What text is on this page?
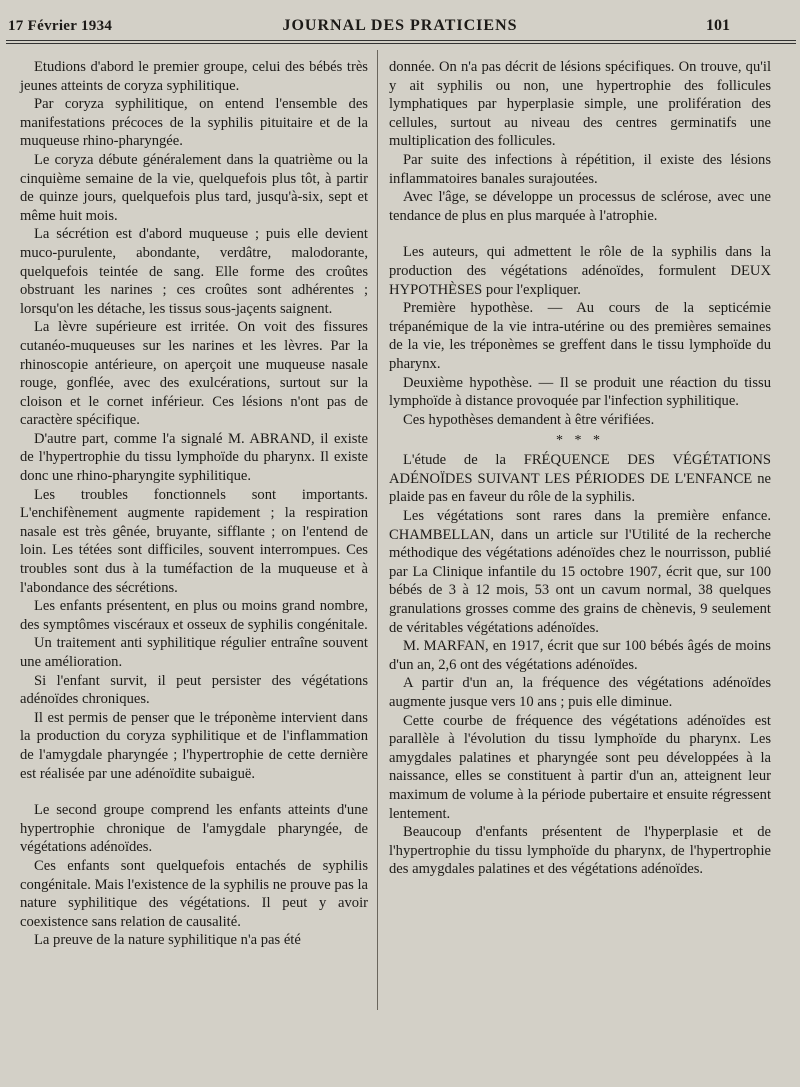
17 Février 1934	JOURNAL DES PRATICIENS	101

Etudions d'abord le premier groupe, celui des bébés très jeunes atteints de coryza syphilitique.

Par coryza syphilitique, on entend l'ensemble des manifestations précoces de la syphilis pituitaire et de la muqueuse rhino-pharyngée.

Le coryza débute généralement dans la quatrième ou la cinquième semaine de la vie, quelquefois plus tôt, à partir de quinze jours, quelquefois plus tard, jusqu'à-six, sept et même huit mois.

La sécrétion est d'abord muqueuse ; puis elle devient muco-purulente, abondante, verdâtre, malodorante, quelquefois teintée de sang. Elle forme des croûtes obstruant les narines ; ces croûtes sont adhérentes ; lorsqu'on les détache, les tissus sous-jaçents saignent.

La lèvre supérieure est irritée. On voit des fissures cutanéo-muqueuses sur les narines et les lèvres. Par la rhinoscopie antérieure, on aperçoit une muqueuse nasale rouge, gonflée, avec des exulcérations, surtout sur la cloison et le cornet inférieur. Ces lésions n'ont pas de caractère spécifique.

D'autre part, comme l'a signalé M. ABRAND, il existe de l'hypertrophie du tissu lymphoïde du pharynx. Il existe donc une rhino-pharyngite syphilitique.

Les troubles fonctionnels sont importants. L'enchifènement augmente rapidement ; la respiration nasale est très gênée, bruyante, sifflante ; on l'entend de loin. Les tétées sont difficiles, souvent interrompues. Ces troubles sont dus à la tuméfaction de la muqueuse et à l'abondance des sécrétions.

Les enfants présentent, en plus ou moins grand nombre, des symptômes viscéraux et osseux de syphilis congénitale.

Un traitement anti syphilitique régulier entraîne souvent une amélioration.

Si l'enfant survit, il peut persister des végétations adénoïdes chroniques.

Il est permis de penser que le tréponème intervient dans la production du coryza syphilitique et de l'inflammation de l'amygdale pharyngée ; l'hypertrophie de cette dernière est réalisée par une adénoïdite subaiguë.

Le second groupe comprend les enfants atteints d'une hypertrophie chronique de l'amygdale pharyngée, de végétations adénoïdes.

Ces enfants sont quelquefois entachés de syphilis congénitale. Mais l'existence de la syphilis ne prouve pas la nature syphilitique des végétations. Il peut y avoir coexistence sans relation de causalité.

La preuve de la nature syphilitique n'a pas été

donnée. On n'a pas décrit de lésions spécifiques. On trouve, qu'il y ait syphilis ou non, une hypertrophie des follicules lymphatiques par hyperplasie simple, une prolifération des cellules, surtout au niveau des centres germinatifs une multiplication des follicules.

Par suite des infections à répétition, il existe des lésions inflammatoires banales surajoutées.

Avec l'âge, se développe un processus de sclérose, avec une tendance de plus en plus marquée à l'atrophie.

Les auteurs, qui admettent le rôle de la syphilis dans la production des végétations adénoïdes, formulent DEUX HYPOTHÈSES pour l'expliquer.

Première hypothèse. — Au cours de la septicémie trépanémique de la vie intra-utérine ou des premières semaines de la vie, les tréponèmes se greffent dans le tissu lymphoïde du pharynx.

Deuxième hypothèse. — Il se produit une réaction du tissu lymphoïde à distance provoquée par l'infection syphilitique.

Ces hypothèses demandent à être vérifiées.

* * *

L'étude de la FRÉQUENCE DES VÉGÉTATIONS ADÉNOÏDES SUIVANT LES PÉRIODES DE L'ENFANCE ne plaide pas en faveur du rôle de la syphilis.

Les végétations sont rares dans la première enfance. CHAMBELLAN, dans un article sur l'Utilité de la recherche méthodique des végétations adénoïdes chez le nourrisson, publié par La Clinique infantile du 15 octobre 1907, écrit que, sur 100 bébés de 3 à 12 mois, 53 ont un cavum normal, 38 quelques granulations grosses comme des grains de chènevis, 9 seulement de véritables végétations adénoïdes.

M. MARFAN, en 1917, écrit que sur 100 bébés âgés de moins d'un an, 2,6 ont des végétations adénoïdes.

A partir d'un an, la fréquence des végétations adénoïdes augmente jusque vers 10 ans ; puis elle diminue.

Cette courbe de fréquence des végétations adénoïdes est parallèle à l'évolution du tissu lymphoïde du pharynx. Les amygdales palatines et pharyngée sont peu développées à la naissance, elles se constituent à partir d'un an, atteignent leur maximum de volume à la période pubertaire et ensuite régressent lentement.

Beaucoup d'enfants présentent de l'hyperplasie et de l'hypertrophie du tissu lymphoïde du pharynx, de l'hypertrophie des amygdales palatines et des végétations adénoïdes.
